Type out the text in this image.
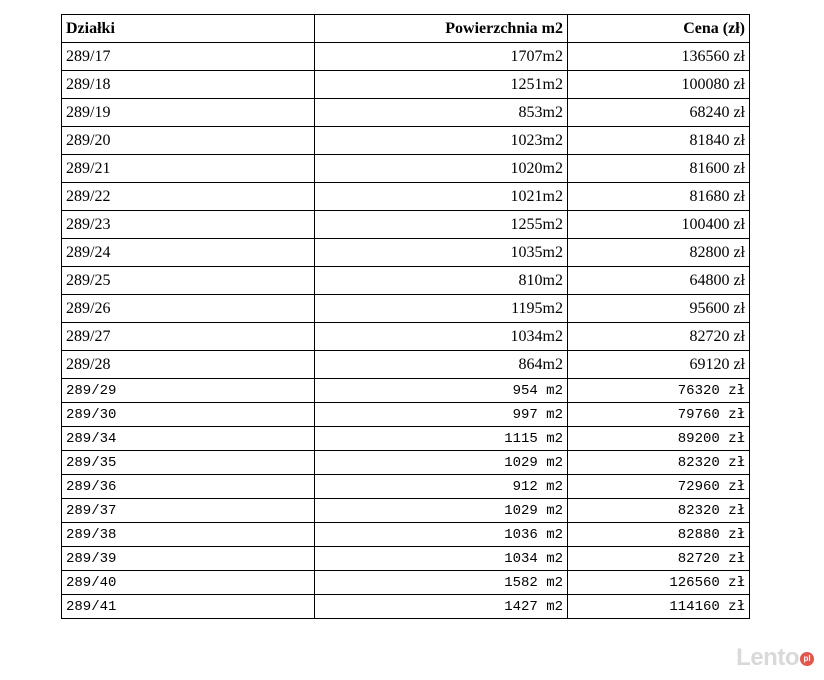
Działki	Powierzchnia m2	Cena (zł)
289/17	1707m2	136560 zł
289/18	1251m2	100080 zł
289/19	853m2	68240 zł
289/20	1023m2	81840 zł
289/21	1020m2	81600 zł
289/22	1021m2	81680 zł
289/23	1255m2	100400 zł
289/24	1035m2	82800 zł
289/25	810m2	64800 zł
289/26	1195m2	95600 zł
289/27	1034m2	82720 zł
289/28	864m2	69120 zł
289/29	954 m2	76320 zł
289/30	997 m2	79760 zł
289/34	1115 m2	89200 zł
289/35	1029 m2	82320 zł
289/36	912 m2	72960 zł
289/37	1029 m2	82320 zł
289/38	1036 m2	82880 zł
289/39	1034 m2	82720 zł
289/40	1582 m2	126560 zł
289/41	1427 m2	114160 zł
Lento pl
